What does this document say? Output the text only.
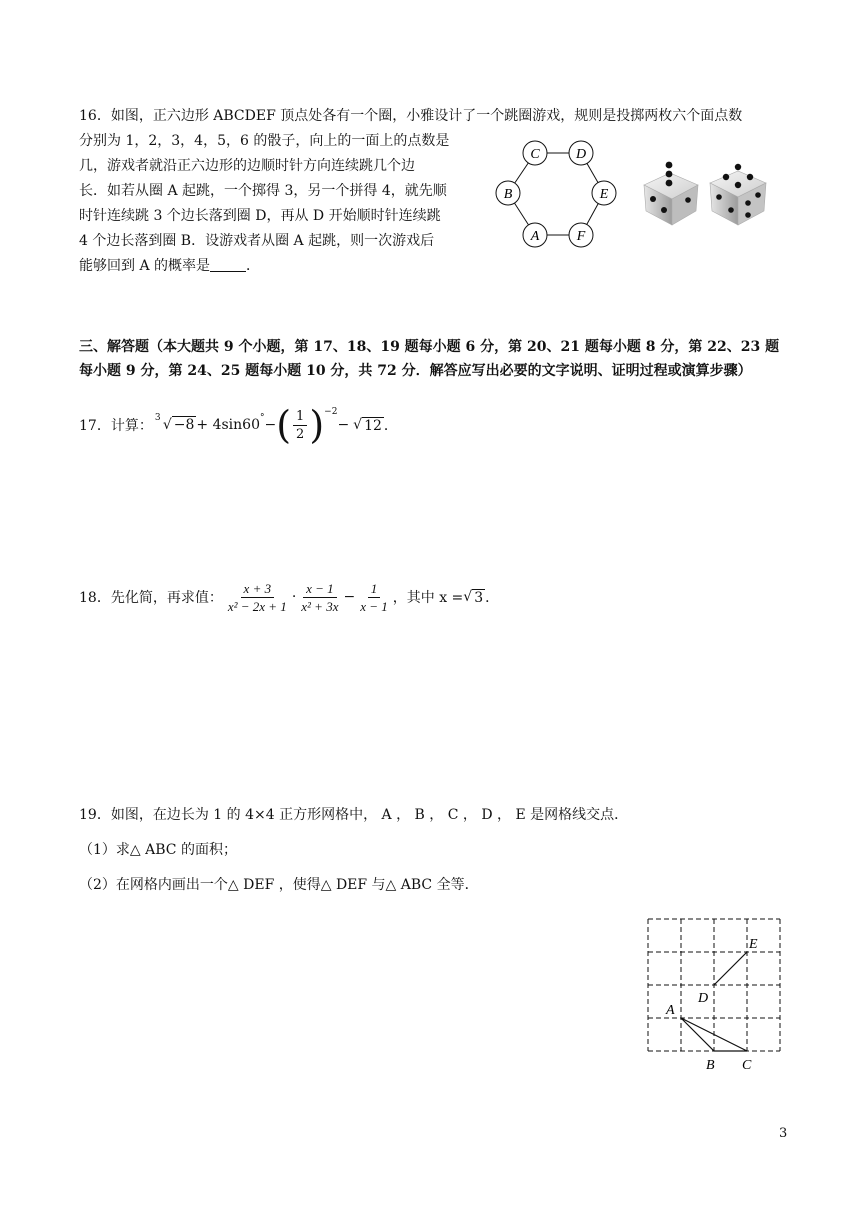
16．如图，正六边形 ABCDEF 顶点处各有一个圈，小雅设计了一个跳圈游戏，规则是投掷两枚六个面点数
分别为 1，2，3，4，5，6 的骰子，向上的一面上的点数是
几，游戏者就沿正六边形的边顺时针方向连续跳几个边
长．如若从圈 A 起跳，一个掷得 3，另一个拼得 4，就先顺
时针连续跳 3 个边长落到圈 D，再从 D 开始顺时针连续跳
4 个边长落到圈 B．设游戏者从圈 A 起跳，则一次游戏后
能够回到 A 的概率是	．
C	D
B	E
A	F
三、解答题（本大题共 9 个小题，第 17、18、19 题每小题 6 分，第 20、21 题每小题 8 分，第 22、23 题
每小题 9 分，第 24、25 题每小题 10 分，共 72 分．解答应写出必要的文字说明、证明过程或演算步骤）
17．计算： 3 √ −8 + 4sin60° − ( $\frac{1}{2} )^{-2}$
− √ 12 ．
18．先化简，再求值： $\frac{x + 3}{\text{x² − 2x + 1}} \cdot \frac{x - 1}{\text{x² + 3x}} - \frac{1}{x - 1}$ ，其中 x = √ 3 ．
19．如图，在边长为 1 的 4×4 正方形网格中， A ， B ， C ， D ， E 是网格线交点．
（1）求△ ABC 的面积；
（2）在网格内画出一个△ DEF ，使得△ DEF 与△ ABC 全等．
E
D
A
B C
3
